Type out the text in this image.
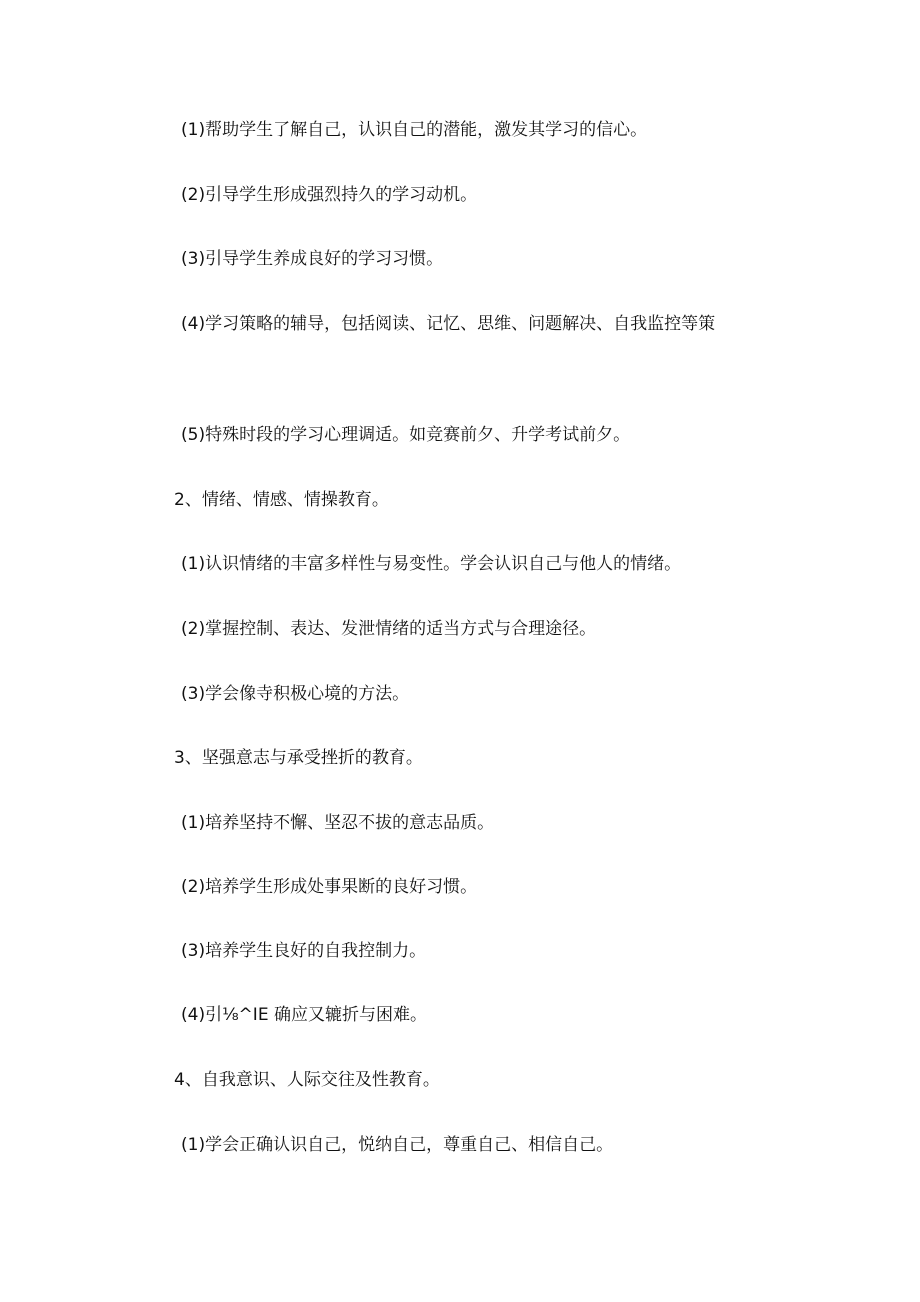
(1)帮助学生了解自己，认识自己的潜能，激发其学习的信心。
(2)引导学生形成强烈持久的学习动机。
(3)引导学生养成良好的学习习惯。
(4)学习策略的辅导，包括阅读、记忆、思维、问题解决、自我监控等策
(5)特殊时段的学习心理调适。如竞赛前夕、升学考试前夕。
2、情绪、情感、情操教育。
(1)认识情绪的丰富多样性与易变性。学会认识自己与他人的情绪。
(2)掌握控制、表达、发泄情绪的适当方式与合理途径。
(3)学会像寺积极心境的方法。
3、坚强意志与承受挫折的教育。
(1)培养坚持不懈、坚忍不拔的意志品质。
(2)培养学生形成处事果断的良好习惯。
(3)培养学生良好的自我控制力。
(4)引⅛^IE 确应又辘折与困难。
4、自我意识、人际交往及性教育。
(1)学会正确认识自己，悦纳自己，尊重自己、相信自己。
